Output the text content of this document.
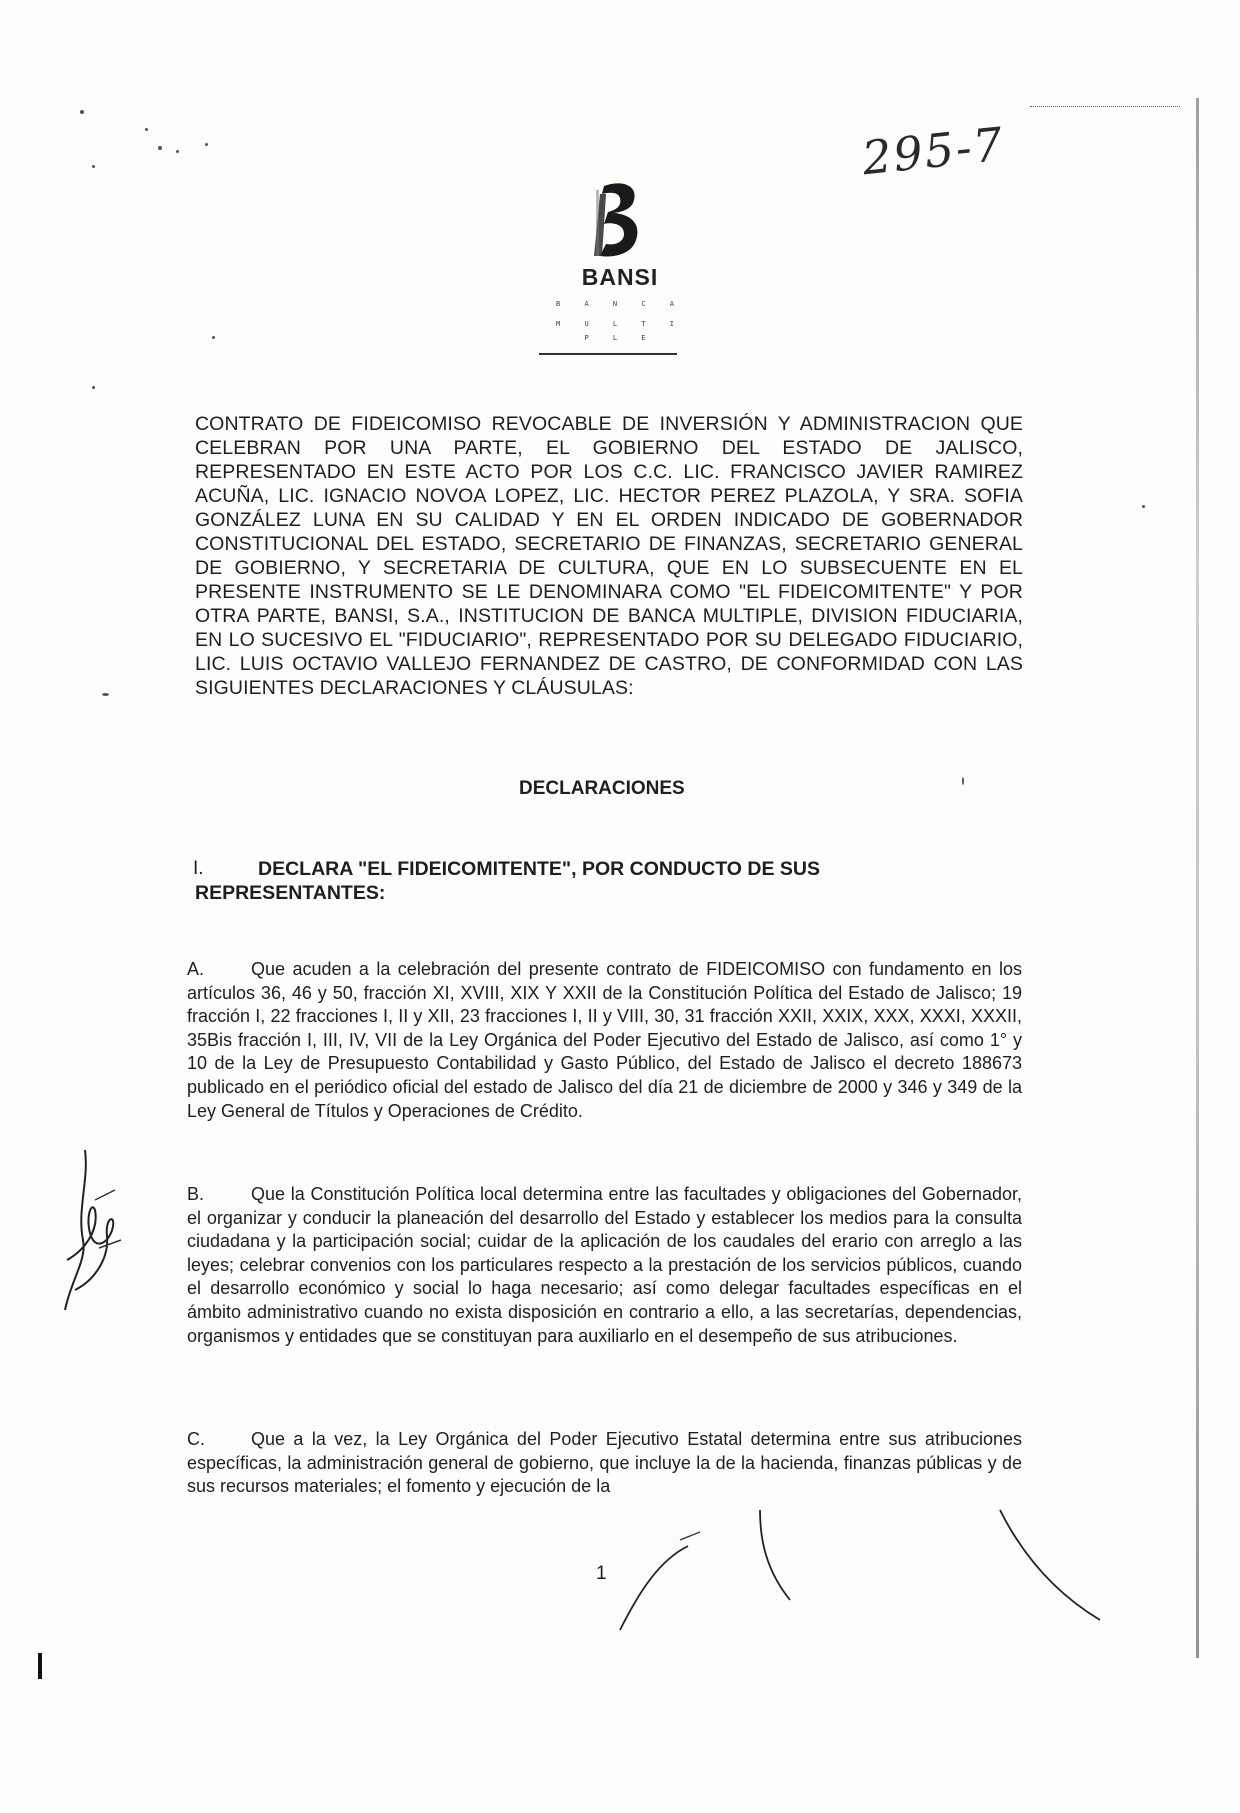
295-7
BANSI
B A N C A
M U L T I P L E
CONTRATO DE FIDEICOMISO REVOCABLE DE INVERSIÓN Y ADMINISTRACION QUE CELEBRAN POR UNA PARTE, EL GOBIERNO DEL ESTADO DE JALISCO, REPRESENTADO EN ESTE ACTO POR LOS C.C. LIC. FRANCISCO JAVIER RAMIREZ ACUÑA, LIC. IGNACIO NOVOA LOPEZ, LIC. HECTOR PEREZ PLAZOLA, Y SRA. SOFIA GONZÁLEZ LUNA EN SU CALIDAD Y EN EL ORDEN INDICADO DE GOBERNADOR CONSTITUCIONAL DEL ESTADO, SECRETARIO DE FINANZAS, SECRETARIO GENERAL DE GOBIERNO, Y SECRETARIA DE CULTURA, QUE EN LO SUBSECUENTE EN EL PRESENTE INSTRUMENTO SE LE DENOMINARA COMO "EL FIDEICOMITENTE" Y POR OTRA PARTE, BANSI, S.A., INSTITUCION DE BANCA MULTIPLE, DIVISION FIDUCIARIA, EN LO SUCESIVO EL "FIDUCIARIO", REPRESENTADO POR SU DELEGADO FIDUCIARIO, LIC. LUIS OCTAVIO VALLEJO FERNANDEZ DE CASTRO, DE CONFORMIDAD CON LAS SIGUIENTES DECLARACIONES Y CLÁUSULAS:
DECLARACIONES
I.	DECLARA "EL FIDEICOMITENTE", POR CONDUCTO DE SUS
REPRESENTANTES:
A.	Que acuden a la celebración del presente contrato de FIDEICOMISO con fundamento en los artículos 36, 46 y 50, fracción XI, XVIII, XIX Y XXII de la Constitución Política del Estado de Jalisco; 19 fracción I, 22 fracciones I, II y XII, 23 fracciones I, II y VIII, 30, 31 fracción XXII, XXIX, XXX, XXXI, XXXII, 35Bis fracción I, III, IV, VII de la Ley Orgánica del Poder Ejecutivo del Estado de Jalisco, así como 1° y 10 de la Ley de Presupuesto Contabilidad y Gasto Público, del Estado de Jalisco el decreto 188673 publicado en el periódico oficial del estado de Jalisco del día 21 de diciembre de 2000 y 346 y 349 de la Ley General de Títulos y Operaciones de Crédito.
B.	Que la Constitución Política local determina entre las facultades y obligaciones del Gobernador, el organizar y conducir la planeación del desarrollo del Estado y establecer los medios para la consulta ciudadana y la participación social; cuidar de la aplicación de los caudales del erario con arreglo a las leyes; celebrar convenios con los particulares respecto a la prestación de los servicios públicos, cuando el desarrollo económico y social lo haga necesario; así como delegar facultades específicas en el ámbito administrativo cuando no exista disposición en contrario a ello, a las secretarías, dependencias, organismos y entidades que se constituyan para auxiliarlo en el desempeño de sus atribuciones.
C.	Que a la vez, la Ley Orgánica del Poder Ejecutivo Estatal determina entre sus atribuciones específicas, la administración general de gobierno, que incluye la de la hacienda, finanzas públicas y de sus recursos materiales; el fomento y ejecución de la
1
